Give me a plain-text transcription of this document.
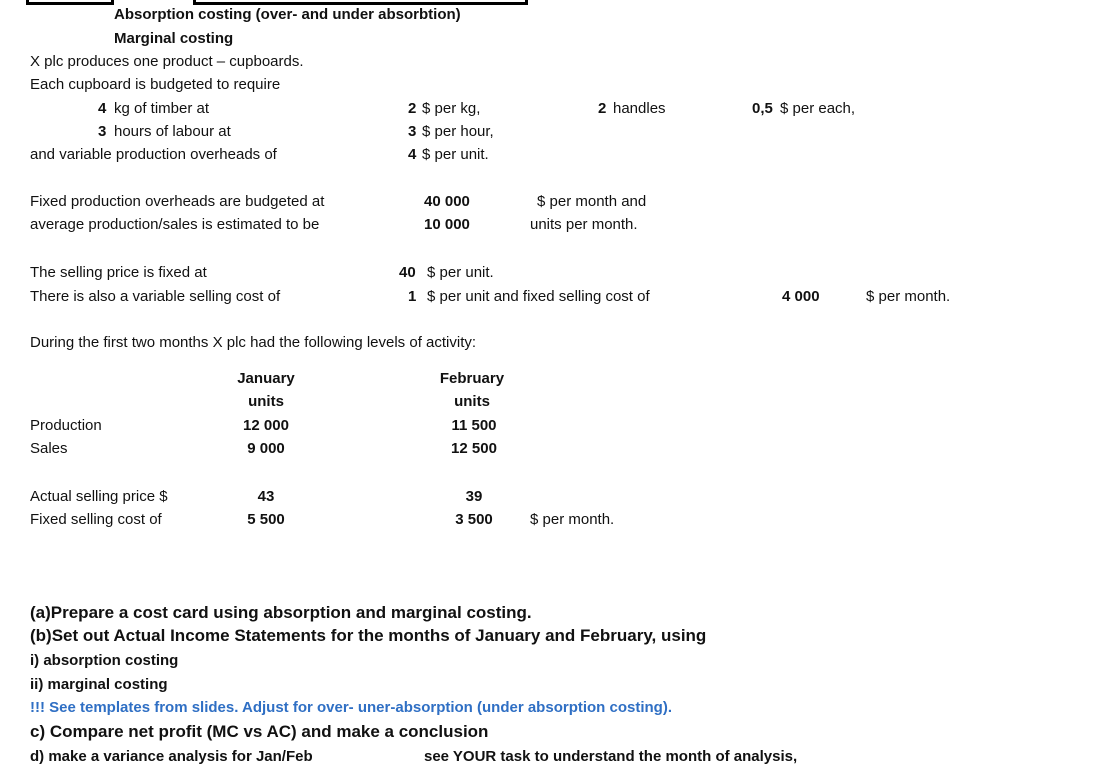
Absorption costing (over- and under absorbtion)
Marginal costing
X plc produces one product – cupboards.
Each cupboard is budgeted to require
4 kg of timber at	2 $ per kg,	2 handles	0,5 $ per each,
3 hours of labour at	3 $ per hour,
and variable production overheads of	4 $ per unit.
Fixed production overheads are budgeted at	40 000	$ per month and
average production/sales is estimated to be	10 000	units per month.
The selling price is fixed at	40 $ per unit.
There is also a variable selling cost of	1 $ per unit and fixed selling cost of	4 000	$ per month.
During the first two months X plc had the following levels of activity:
January	February
units	units
Production	12 000	11 500
Sales	9 000	12 500
Actual selling price $	43	39
Fixed selling cost of	5 500	3 500	$ per month.
(a)Prepare a cost card using absorption and marginal costing.
(b)Set out Actual Income Statements for the months of January and February, using
i) absorption costing
ii) marginal costing
!!! See templates from slides. Adjust for over- uner-absorption (under absorption costing).
c) Compare net profit (MC vs AC) and make a conclusion
d) make a variance analysis for Jan/Feb	see YOUR task to understand the month of analysis,
